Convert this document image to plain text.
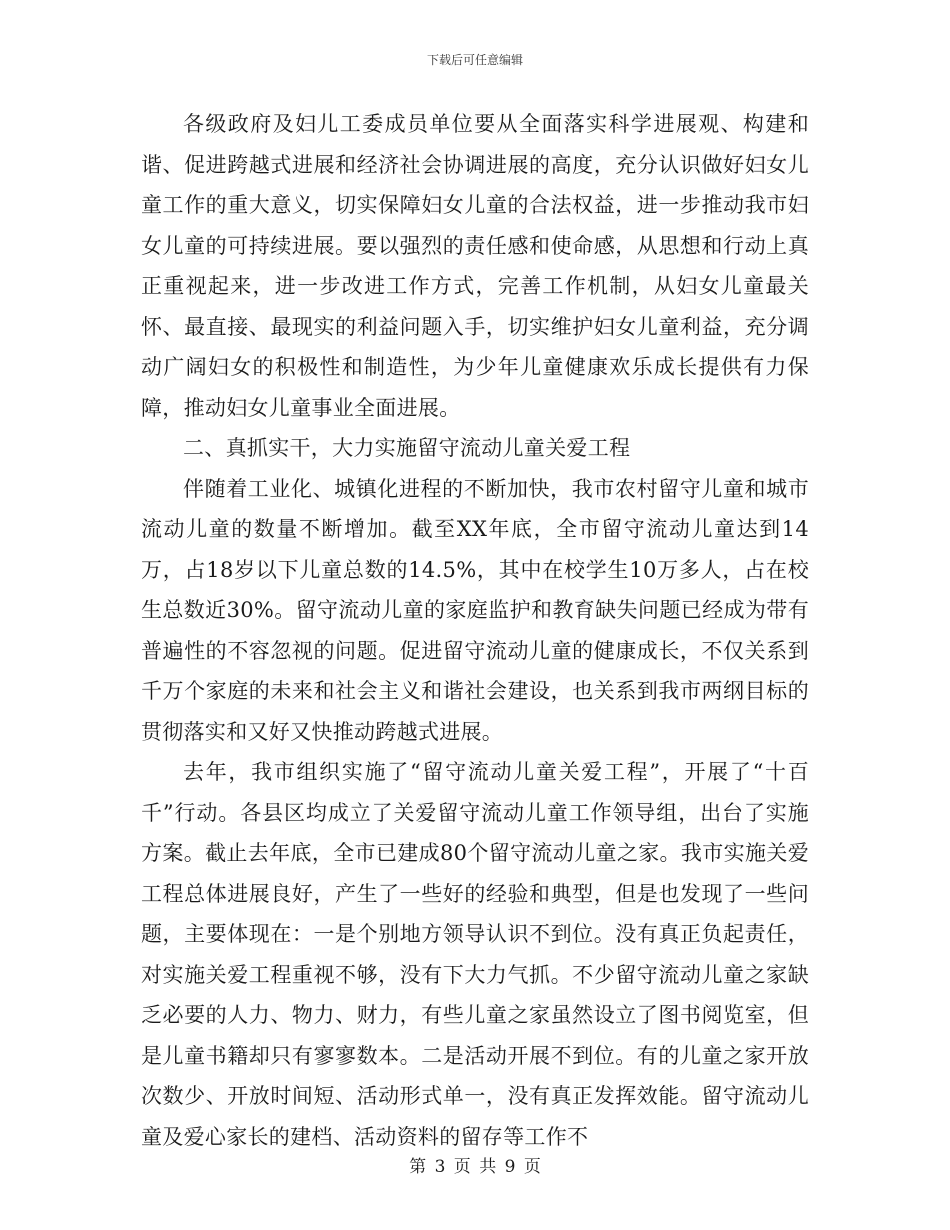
下载后可任意编辑

各级政府及妇儿工委成员单位要从全面落实科学进展观、构建和谐、促进跨越式进展和经济社会协调进展的高度，充分认识做好妇女儿童工作的重大意义，切实保障妇女儿童的合法权益，进一步推动我市妇女儿童的可持续进展。要以强烈的责任感和使命感，从思想和行动上真正重视起来，进一步改进工作方式，完善工作机制，从妇女儿童最关怀、最直接、最现实的利益问题入手，切实维护妇女儿童利益，充分调动广阔妇女的积极性和制造性，为少年儿童健康欢乐成长提供有力保障，推动妇女儿童事业全面进展。

二、真抓实干，大力实施留守流动儿童关爱工程

伴随着工业化、城镇化进程的不断加快，我市农村留守儿童和城市流动儿童的数量不断增加。截至XX年底，全市留守流动儿童达到14万，占18岁以下儿童总数的14.5%，其中在校学生10万多人，占在校生总数近30%。留守流动儿童的家庭监护和教育缺失问题已经成为带有普遍性的不容忽视的问题。促进留守流动儿童的健康成长，不仅关系到千万个家庭的未来和社会主义和谐社会建设，也关系到我市两纲目标的贯彻落实和又好又快推动跨越式进展。

去年，我市组织实施了“留守流动儿童关爱工程”，开展了“十百千”行动。各县区均成立了关爱留守流动儿童工作领导组，出台了实施方案。截止去年底，全市已建成80个留守流动儿童之家。我市实施关爱工程总体进展良好，产生了一些好的经验和典型，但是也发现了一些问题，主要体现在：一是个别地方领导认识不到位。没有真正负起责任，对实施关爱工程重视不够，没有下大力气抓。不少留守流动儿童之家缺乏必要的人力、物力、财力，有些儿童之家虽然设立了图书阅览室，但是儿童书籍却只有寥寥数本。二是活动开展不到位。有的儿童之家开放次数少、开放时间短、活动形式单一，没有真正发挥效能。留守流动儿童及爱心家长的建档、活动资料的留存等工作不

第 3 页 共 9 页
